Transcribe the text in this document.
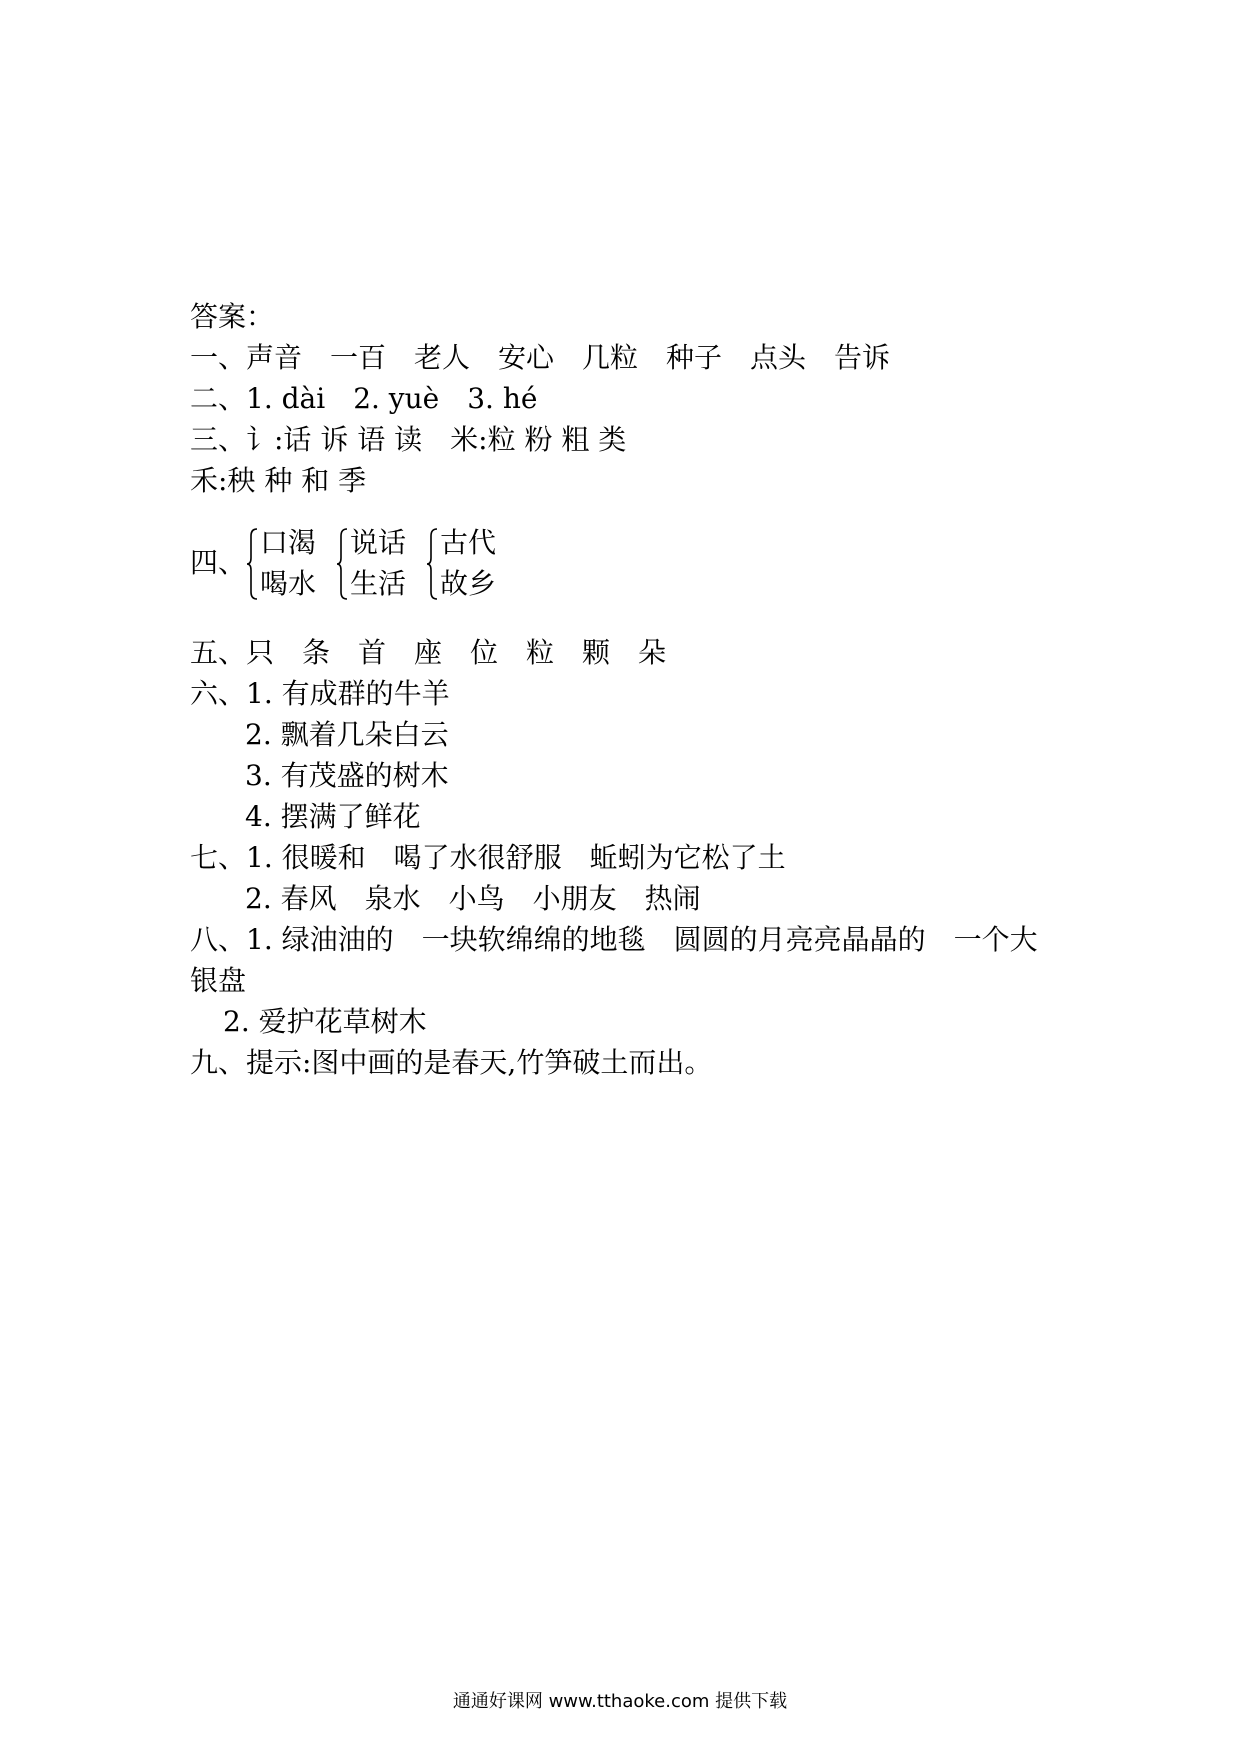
答案：
一、声音　一百　老人　安心　几粒　种子　点头　告诉
二、1. dài　2. yuè　3. hé
三、讠:话 诉 语 读　米:粒 粉 粗 类
禾:秧 种 和 季
四、
口渴
喝水
说话
生活
古代
故乡
五、只　条　首　座　位　粒　颗　朵
六、1. 有成群的牛羊
2. 飘着几朵白云
3. 有茂盛的树木
4. 摆满了鲜花
七、1. 很暖和　喝了水很舒服　蚯蚓为它松了土
2. 春风　泉水　小鸟　小朋友　热闹
八、1. 绿油油的　一块软绵绵的地毯　圆圆的月亮亮晶晶的　一个大
银盘
2. 爱护花草树木
九、提示:图中画的是春天,竹笋破土而出。
通通好课网 www.tthaoke.com 提供下载
